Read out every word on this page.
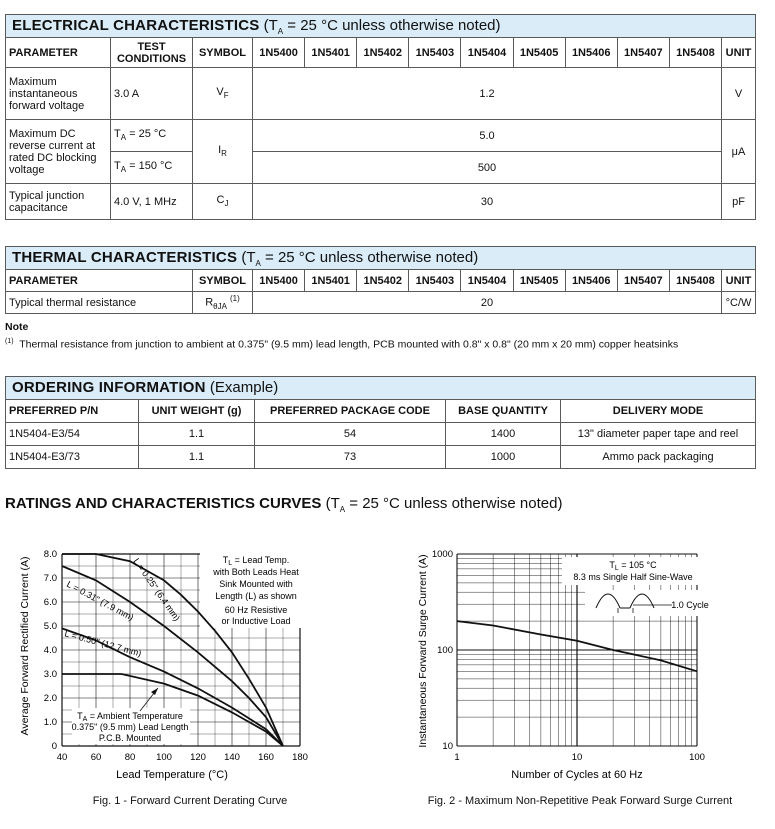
ELECTRICAL CHARACTERISTICS ($T_A = 25$ °C unless otherwise noted)
PARAMETER	TEST CONDITIONS	SYMBOL	1N5400	1N5401	1N5402	1N5403	1N5404	1N5405	1N5406	1N5407	1N5408	UNIT
Maximum instantaneous forward voltage	3.0 A	$V_F$	1.2									V
Maximum DC reverse current at rated DC blocking voltage	$T_A = 25$ °C	$I_R$	5.0									μA
	$T_A = 150$ °C		500									
Typical junction capacitance	4.0 V, 1 MHz	$C_J$	30									pF
THERMAL CHARACTERISTICS ($T_A = 25$ °C unless otherwise noted)
PARAMETER	SYMBOL	1N5400	1N5401	1N5402	1N5403	1N5404	1N5405	1N5406	1N5407	1N5408	UNIT
Typical thermal resistance	$R_{\theta JA}$ $^{(1)}$	20									°C/W
Note
$^{(1)}$ Thermal resistance from junction to ambient at 0.375" (9.5 mm) lead length, PCB mounted with 0.8" x 0.8" (20 mm x 20 mm) copper heatsinks
ORDERING INFORMATION (Example)
PREFERRED P/N	UNIT WEIGHT (g)	PREFERRED PACKAGE CODE	BASE QUANTITY	DELIVERY MODE
1N5404-E3/54	1.1	54	1400	13" diameter paper tape and reel
1N5404-E3/73	1.1	73	1000	Ammo pack packaging
RATINGS AND CHARACTERISTICS CURVES ($T_A = 25$ °C unless otherwise noted)
40 60 80 100 120 140 160 180
0
1.0
2.0
3.0
4.0
5.0
6.0
7.0
8.0
Lead Temperature (°C)
Average Forward Rectified Current (A)	L = 0.25" (6.4 mm)
L = 0.31" (7.9 mm)
L = 0.50" (12.7 mm)
$T_L$ = Lead Temp.
with Both Leads Heat
Sink Mounted with
Length (L) as shown
60 Hz Resistive
or Inductive Load
$T_A$ = Ambient Temperature
0.375" (9.5 mm) Lead Length
P.C.B. Mounted
Fig. 1 - Forward Current Derating Curve
1	10	100
10
100
1000
Number of Cycles at 60 Hz
Instantaneous Forward Surge Current (A)	$T_L = 105$ °C
8.3 ms Single Half Sine-Wave
1.0 Cycle
Fig. 2 - Maximum Non-Repetitive Peak Forward Surge Current
